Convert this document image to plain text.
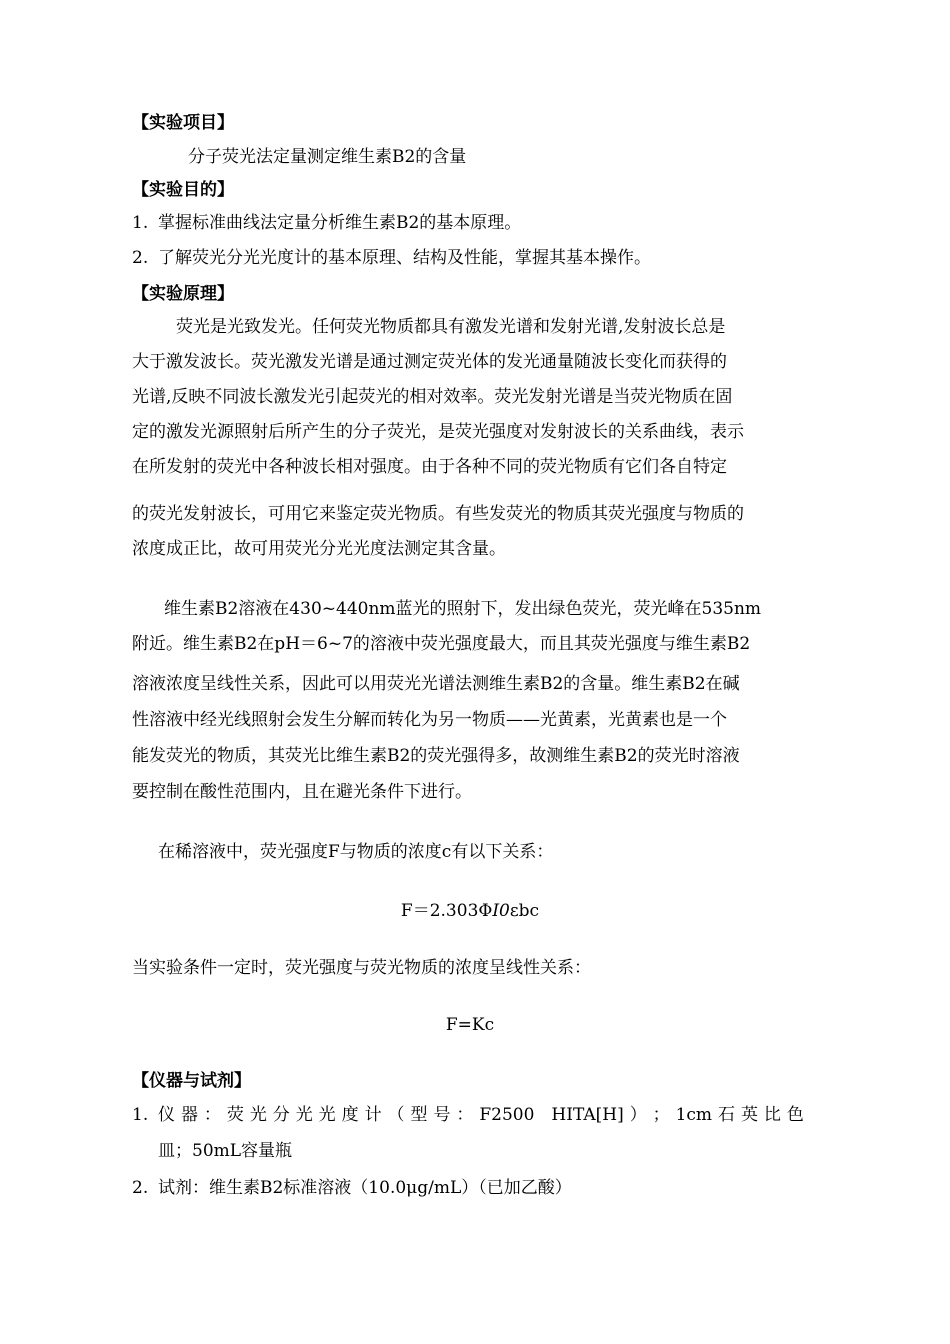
【实验项目】
分子荧光法定量测定维生素B2的含量
【实验目的】
1. 掌握标准曲线法定量分析维生素B2的基本原理。
2. 了解荧光分光光度计的基本原理、结构及性能，掌握其基本操作。
【实验原理】
荧光是光致发光。任何荧光物质都具有激发光谱和发射光谱,发射波长总是
大于激发波长。荧光激发光谱是通过测定荧光体的发光通量随波长变化而获得的
光谱,反映不同波长激发光引起荧光的相对效率。荧光发射光谱是当荧光物质在固
定的激发光源照射后所产生的分子荧光，是荧光强度对发射波长的关系曲线，表示
在所发射的荧光中各种波长相对强度。由于各种不同的荧光物质有它们各自特定
的荧光发射波长，可用它来鉴定荧光物质。有些发荧光的物质其荧光强度与物质的
浓度成正比，故可用荧光分光光度法测定其含量。
维生素B2溶液在430~440nm蓝光的照射下，发出绿色荧光，荧光峰在535nm
附近。维生素B2在pH＝6~7的溶液中荧光强度最大，而且其荧光强度与维生素B2
溶液浓度呈线性关系，因此可以用荧光光谱法测维生素B2的含量。维生素B2在碱
性溶液中经光线照射会发生分解而转化为另一物质——光黄素，光黄素也是一个
能发荧光的物质，其荧光比维生素B2的荧光强得多，故测维生素B2的荧光时溶液
要控制在酸性范围内，且在避光条件下进行。
在稀溶液中，荧光强度F与物质的浓度c有以下关系：
F＝2.303ΦI0εbc
当实验条件一定时，荧光强度与荧光物质的浓度呈线性关系：
F=Kc
【仪器与试剂】
1. 仪 器 ： 荧 光 分 光 光 度 计 （ 型 号 ： F2500　HITA[H] ） ； 1cm 石 英 比 色
皿；50mL容量瓶
2. 试剂：维生素B2标准溶液（10.0μg/mL）（已加乙酸）
